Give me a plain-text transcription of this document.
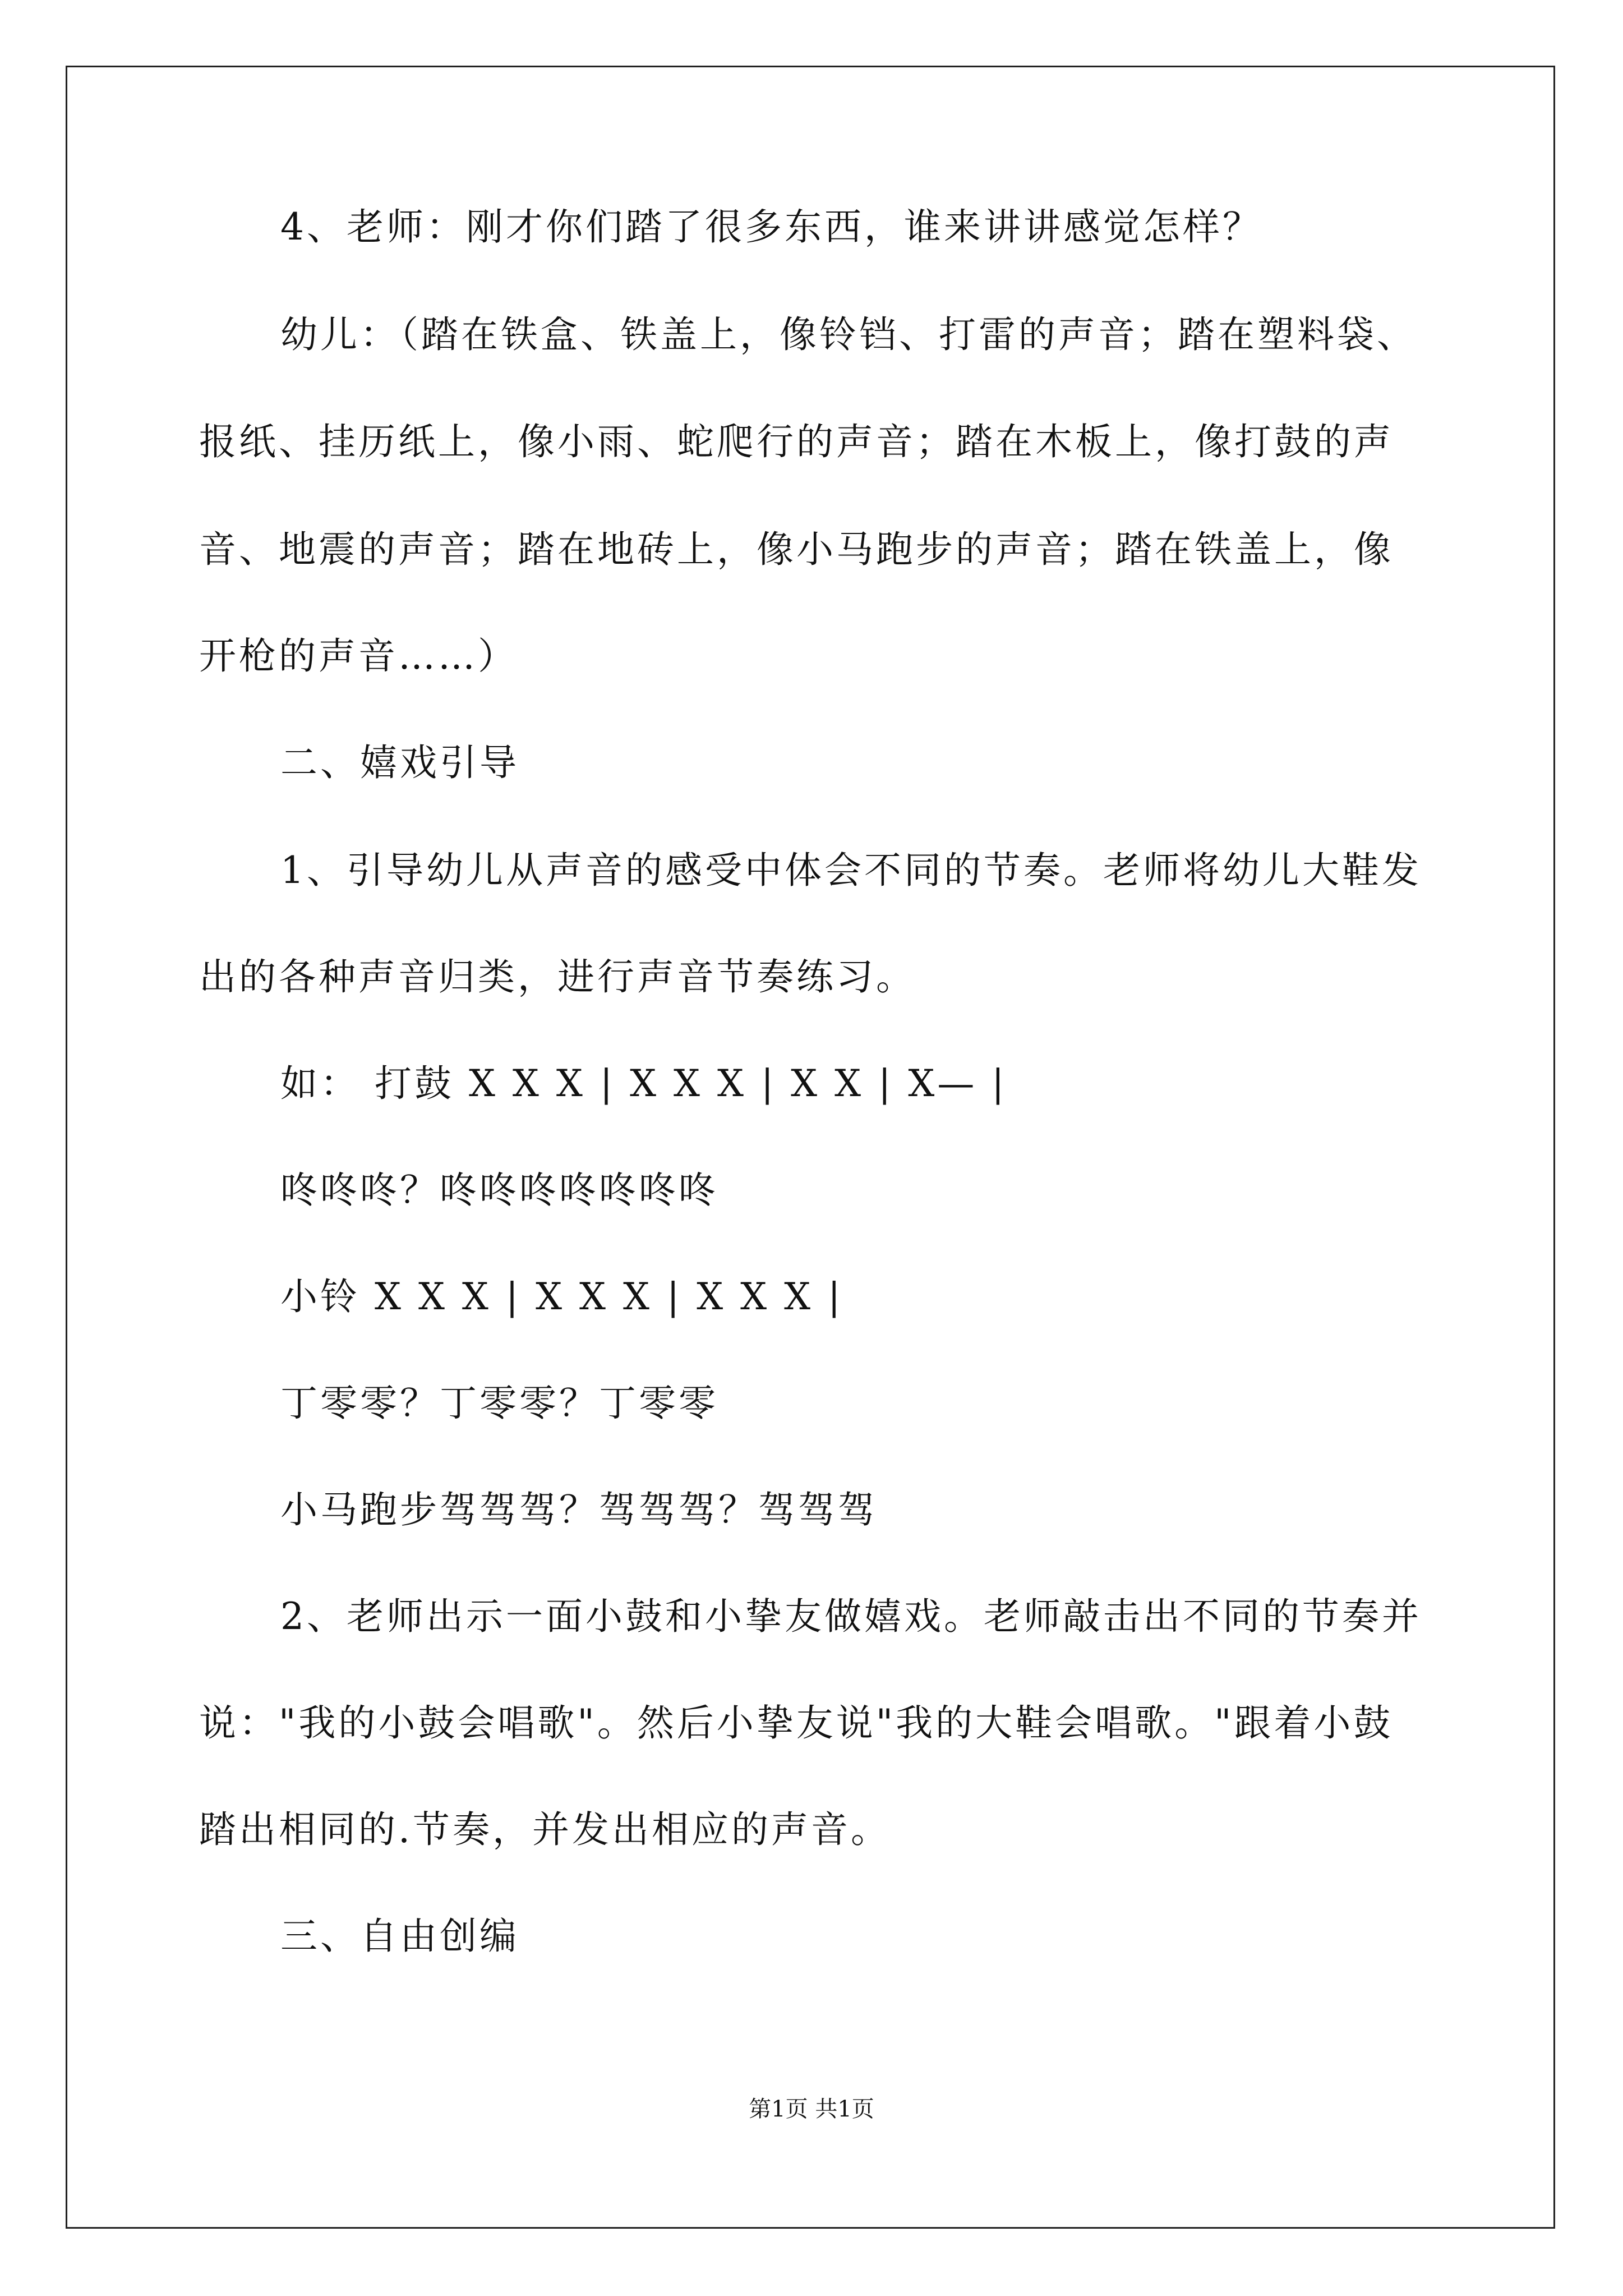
4、老师：刚才你们踏了很多东西，谁来讲讲感觉怎样？

幼儿：（踏在铁盒、铁盖上，像铃铛、打雷的声音；踏在塑料袋、

报纸、挂历纸上，像小雨、蛇爬行的声音；踏在木板上，像打鼓的声

音、地震的声音；踏在地砖上，像小马跑步的声音；踏在铁盖上，像

开枪的声音……）

二、嬉戏引导

1、引导幼儿从声音的感受中体会不同的节奏。老师将幼儿大鞋发

出的各种声音归类，进行声音节奏练习。

如： 打鼓 X X X | X X X | X X | X— |

咚咚咚？咚咚咚咚咚咚咚

小铃 X X X | X X X | X X X |

丁零零？丁零零？丁零零

小马跑步驾驾驾？驾驾驾？驾驾驾

2、老师出示一面小鼓和小挚友做嬉戏。老师敲击出不同的节奏并

说："我的小鼓会唱歌"。然后小挚友说"我的大鞋会唱歌。"跟着小鼓

踏出相同的.节奏，并发出相应的声音。

三、自由创编

第1页 共1页
